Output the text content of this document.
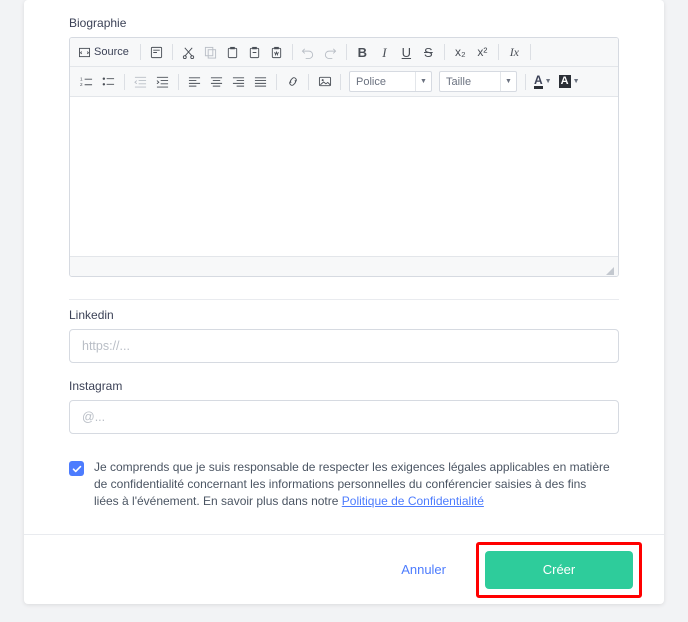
Biographie
Source	B	I	U S	x₂ x²	Ix
1
2	Police	▼	Taille	▼	A ▼ A ▼
Linkedin
https://...
Instagram
@...
Je comprends que je suis responsable de respecter les exigences légales applicables en matière de confidentialité concernant les informations personnelles du conférencier saisies à des fins liées à l'événement. En savoir plus dans notre Politique de Confidentialité
Annuler	Créer
